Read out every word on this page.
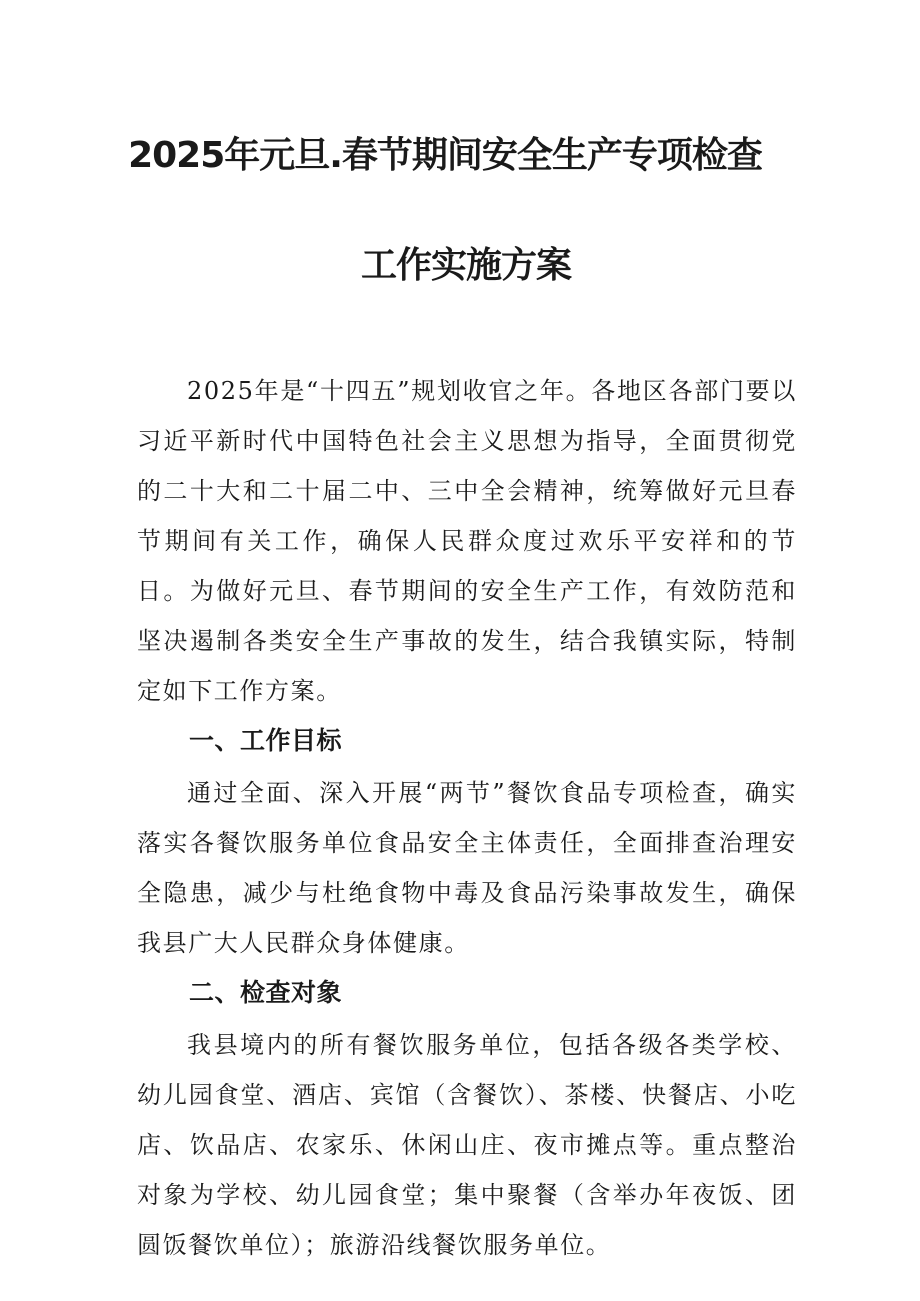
2025年元旦.春节期间安全生产专项检查
工作实施方案

2025年是“十四五”规划收官之年。各地区各部门要以习近平新时代中国特色社会主义思想为指导，全面贯彻党的二十大和二十届二中、三中全会精神，统筹做好元旦春节期间有关工作，确保人民群众度过欢乐平安祥和的节日。为做好元旦、春节期间的安全生产工作，有效防范和坚决遏制各类安全生产事故的发生，结合我镇实际，特制定如下工作方案。

一、工作目标

通过全面、深入开展“两节”餐饮食品专项检查，确实落实各餐饮服务单位食品安全主体责任，全面排查治理安全隐患，减少与杜绝食物中毒及食品污染事故发生，确保我县广大人民群众身体健康。

二、检查对象

我县境内的所有餐饮服务单位，包括各级各类学校、幼儿园食堂、酒店、宾馆（含餐饮）、茶楼、快餐店、小吃店、饮品店、农家乐、休闲山庄、夜市摊点等。重点整治对象为学校、幼儿园食堂；集中聚餐（含举办年夜饭、团圆饭餐饮单位）；旅游沿线餐饮服务单位。
